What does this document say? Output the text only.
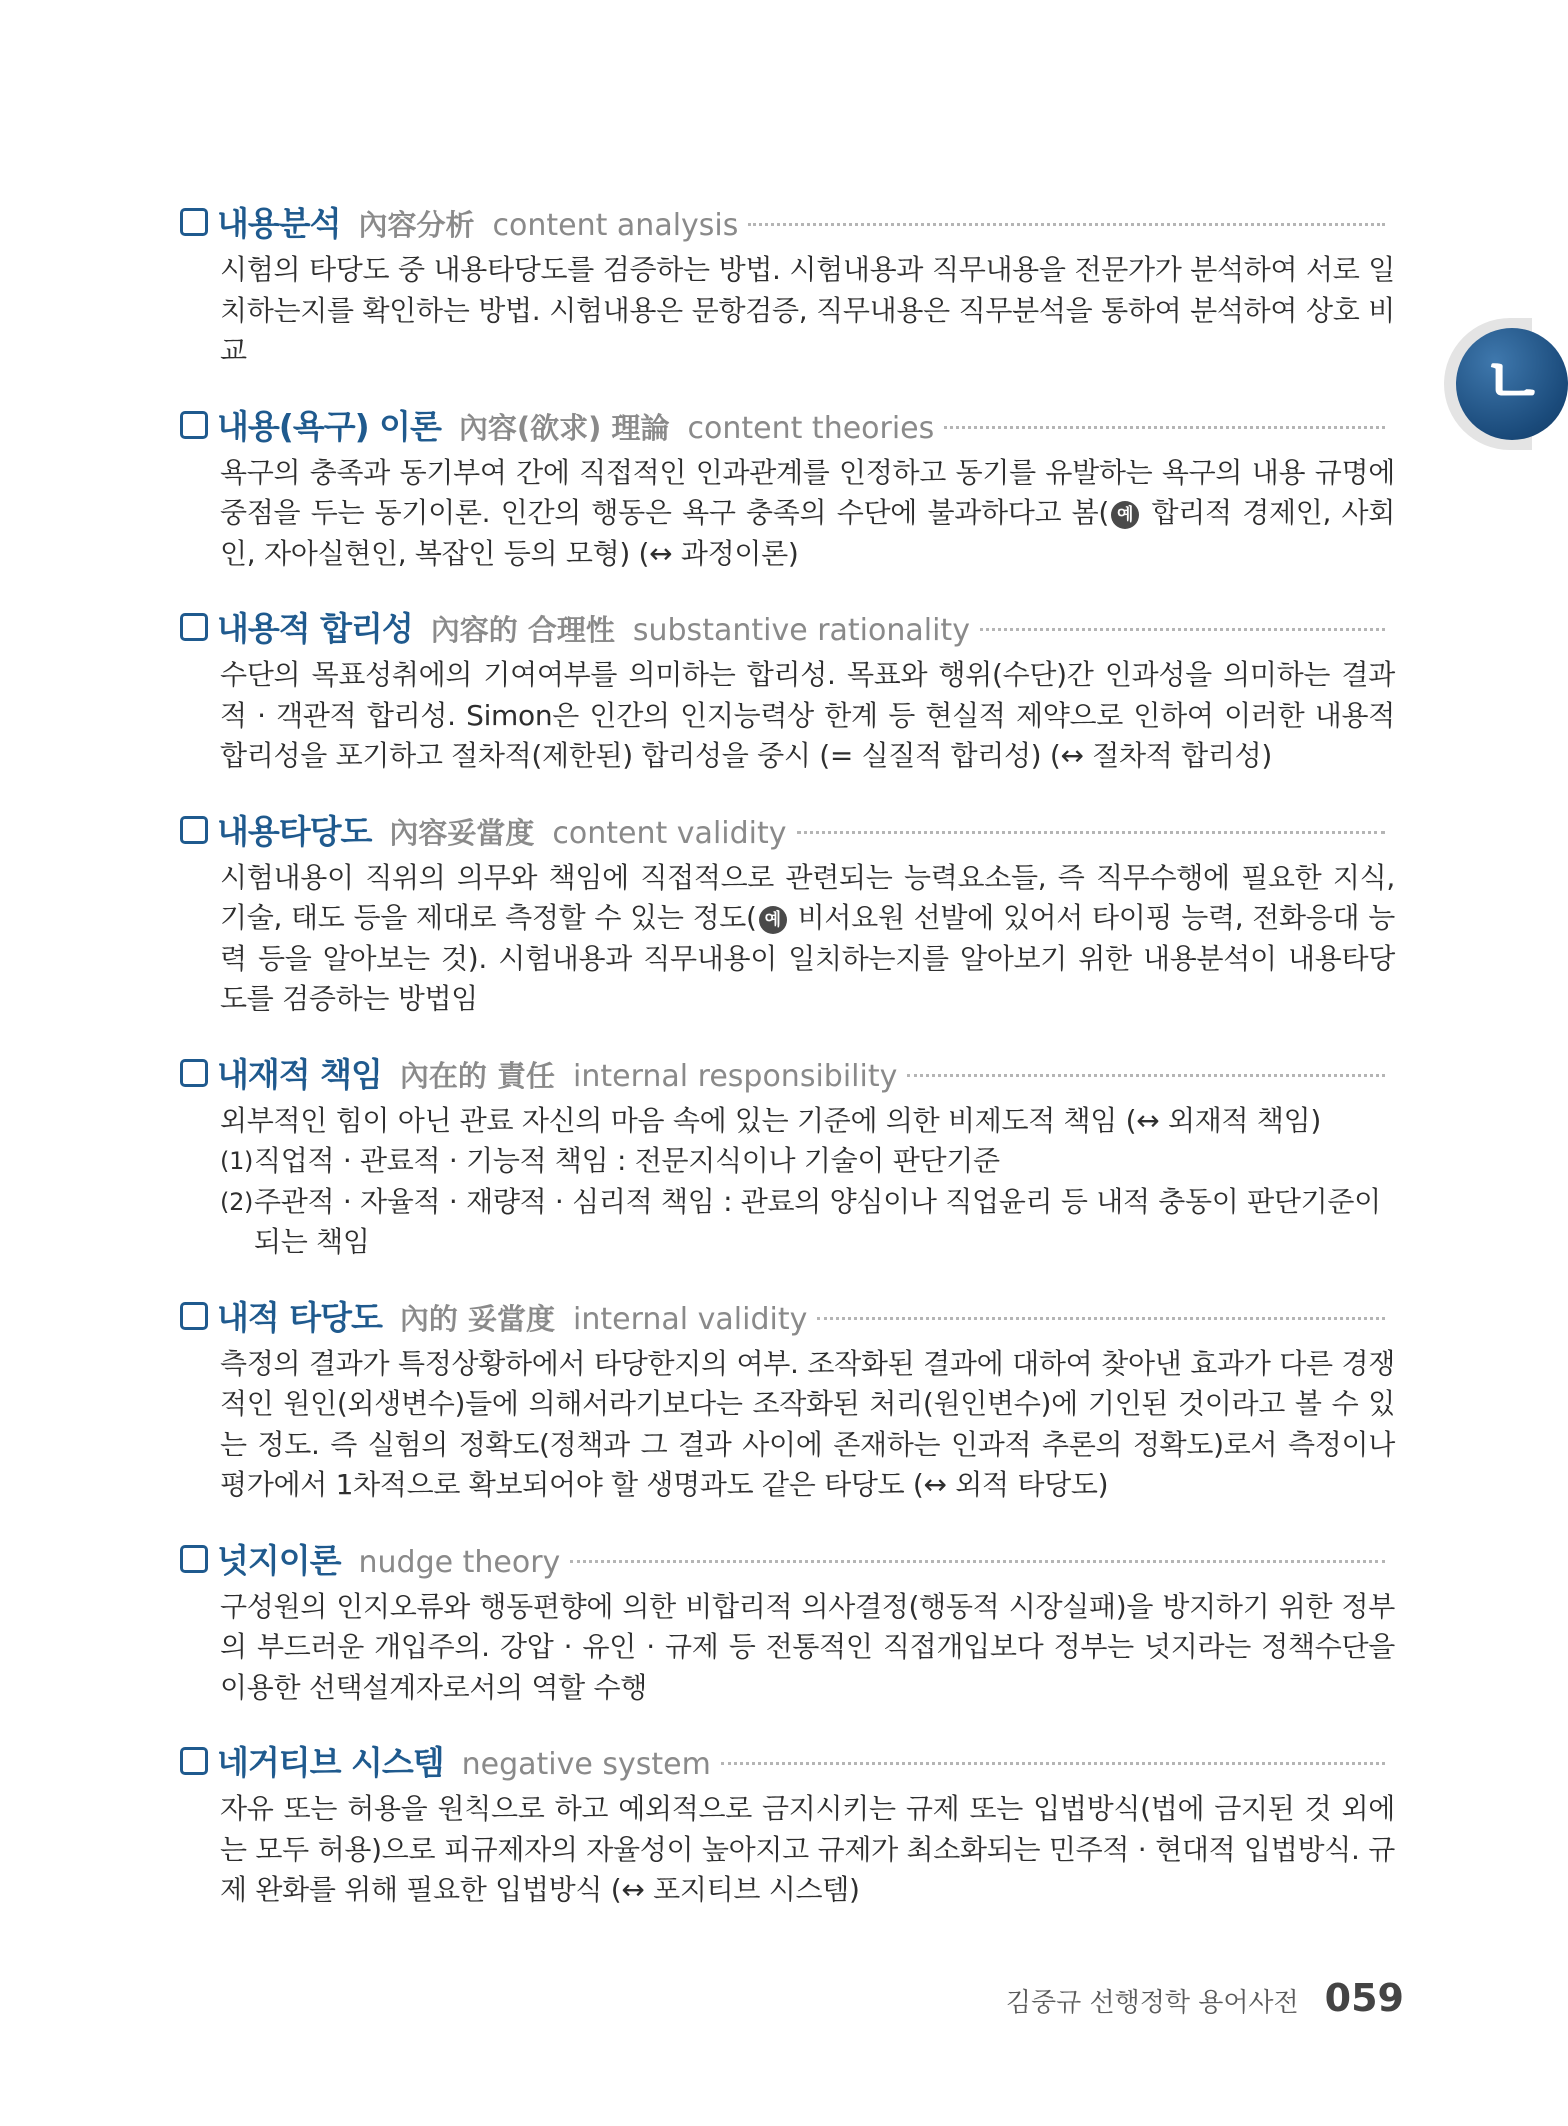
ㄴ
내용분석 內容分析 content analysis
시험의 타당도 중 내용타당도를 검증하는 방법. 시험내용과 직무내용을 전문가가 분석하여 서로 일치하는지를 확인하는 방법. 시험내용은 문항검증, 직무내용은 직무분석을 통하여 분석하여 상호 비교
내용(욕구) 이론 內容(欲求) 理論 content theories
욕구의 충족과 동기부여 간에 직접적인 인과관계를 인정하고 동기를 유발하는 욕구의 내용 규명에 중점을 두는 동기이론. 인간의 행동은 욕구 충족의 수단에 불과하다고 봄( 예 합리적 경제인, 사회인, 자아실현인, 복잡인 등의 모형) (↔ 과정이론)
내용적 합리성 內容的 合理性 substantive rationality
수단의 목표성취에의 기여여부를 의미하는 합리성. 목표와 행위(수단)간 인과성을 의미하는 결과적 · 객관적 합리성. Simon은 인간의 인지능력상 한계 등 현실적 제약으로 인하여 이러한 내용적 합리성을 포기하고 절차적(제한된) 합리성을 중시 (= 실질적 합리성) (↔ 절차적 합리성)
내용타당도 內容妥當度 content validity
시험내용이 직위의 의무와 책임에 직접적으로 관련되는 능력요소들, 즉 직무수행에 필요한 지식, 기술, 태도 등을 제대로 측정할 수 있는 정도( 예 비서요원 선발에 있어서 타이핑 능력, 전화응대 능력 등을 알아보는 것). 시험내용과 직무내용이 일치하는지를 알아보기 위한 내용분석이 내용타당도를 검증하는 방법임
내재적 책임 內在的 責任 internal responsibility
외부적인 힘이 아닌 관료 자신의 마음 속에 있는 기준에 의한 비제도적 책임 (↔ 외재적 책임)
(1) 직업적 · 관료적 · 기능적 책임 : 전문지식이나 기술이 판단기준
(2) 주관적 · 자율적 · 재량적 · 심리적 책임 : 관료의 양심이나 직업윤리 등 내적 충동이 판단기준이 되는 책임
내적 타당도 內的 妥當度 internal validity
측정의 결과가 특정상황하에서 타당한지의 여부. 조작화된 결과에 대하여 찾아낸 효과가 다른 경쟁적인 원인(외생변수)들에 의해서라기보다는 조작화된 처리(원인변수)에 기인된 것이라고 볼 수 있는 정도. 즉 실험의 정확도(정책과 그 결과 사이에 존재하는 인과적 추론의 정확도)로서 측정이나 평가에서 1차적으로 확보되어야 할 생명과도 같은 타당도 (↔ 외적 타당도)
넛지이론 nudge theory
구성원의 인지오류와 행동편향에 의한 비합리적 의사결정(행동적 시장실패)을 방지하기 위한 정부의 부드러운 개입주의. 강압 · 유인 · 규제 등 전통적인 직접개입보다 정부는 넛지라는 정책수단을 이용한 선택설계자로서의 역할 수행
네거티브 시스템 negative system
자유 또는 허용을 원칙으로 하고 예외적으로 금지시키는 규제 또는 입법방식(법에 금지된 것 외에는 모두 허용)으로 피규제자의 자율성이 높아지고 규제가 최소화되는 민주적 · 현대적 입법방식. 규제 완화를 위해 필요한 입법방식 (↔ 포지티브 시스템)
김중규 선행정학 용어사전 059
